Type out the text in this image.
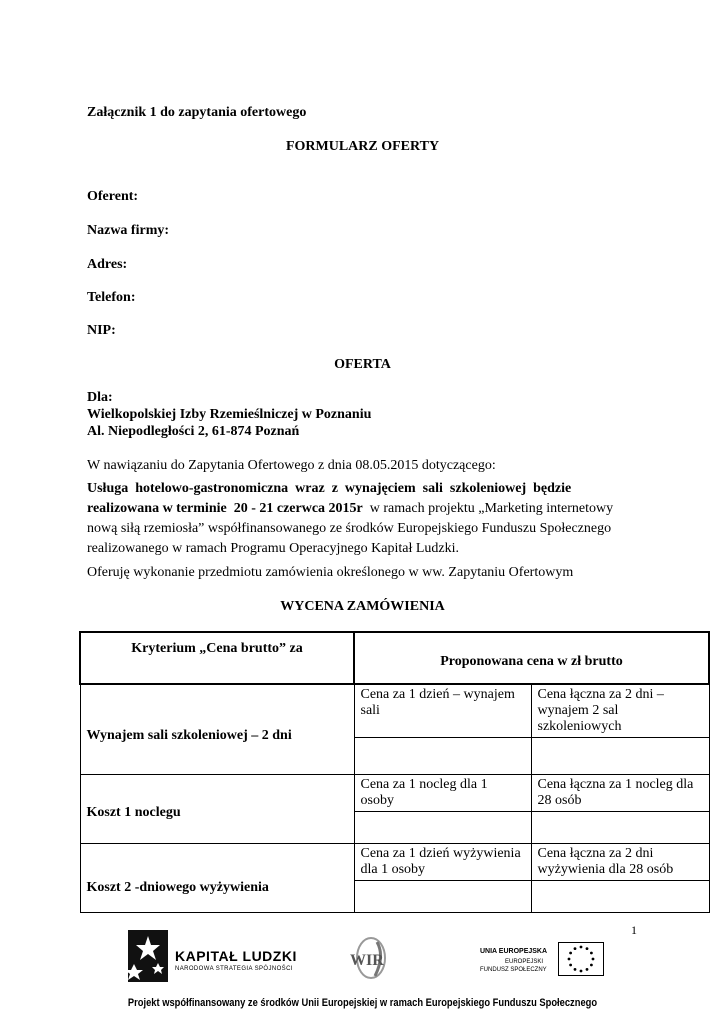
Załącznik 1 do zapytania ofertowego
FORMULARZ OFERTY
Oferent:
Nazwa firmy:
Adres:
Telefon:
NIP:
OFERTA
Dla:
Wielkopolskiej Izby Rzemieślniczej w Poznaniu
Al. Niepodległości 2, 61-874 Poznań
W nawiązaniu do Zapytania Ofertowego z dnia 08.05.2015 dotyczącego:
Usługa  hotelowo-gastronomiczna  wraz  z  wynajęciem  sali  szkoleniowej  będzie
realizowana w terminie  20 - 21 czerwca 2015r  w ramach projektu „Marketing internetowy
nową siłą rzemiosła” współfinansowanego ze środków Europejskiego Funduszu Społecznego
realizowanego w ramach Programu Operacyjnego Kapitał Ludzki.
Oferuję wykonanie przedmiotu zamówienia określonego w ww. Zapytaniu Ofertowym
WYCENA ZAMÓWIENIA
Kryterium „Cena brutto” za	Proponowana cena w zł brutto	
Wynajem sali szkoleniowej – 2 dni	Cena za 1 dzień – wynajem sali	Cena łączna za 2 dni – wynajem 2 sal szkoleniowych

Koszt 1 noclegu	Cena za 1 nocleg dla 1 osoby	Cena łączna za 1 nocleg dla 28 osób

Koszt 2 -dniowego wyżywienia	Cena za 1 dzień wyżywienia dla 1 osoby	Cena łączna za 2 dni wyżywienia dla 28 osób

1
KAPITAŁ LUDZKI
NARODOWA STRATEGIA SPÓJNOŚCI	WIR
UNIA EUROPEJSKA
EUROPEJSKI
FUNDUSZ SPOŁECZNY
Projekt współfinansowany ze środków Unii Europejskiej w ramach Europejskiego Funduszu Społecznego
